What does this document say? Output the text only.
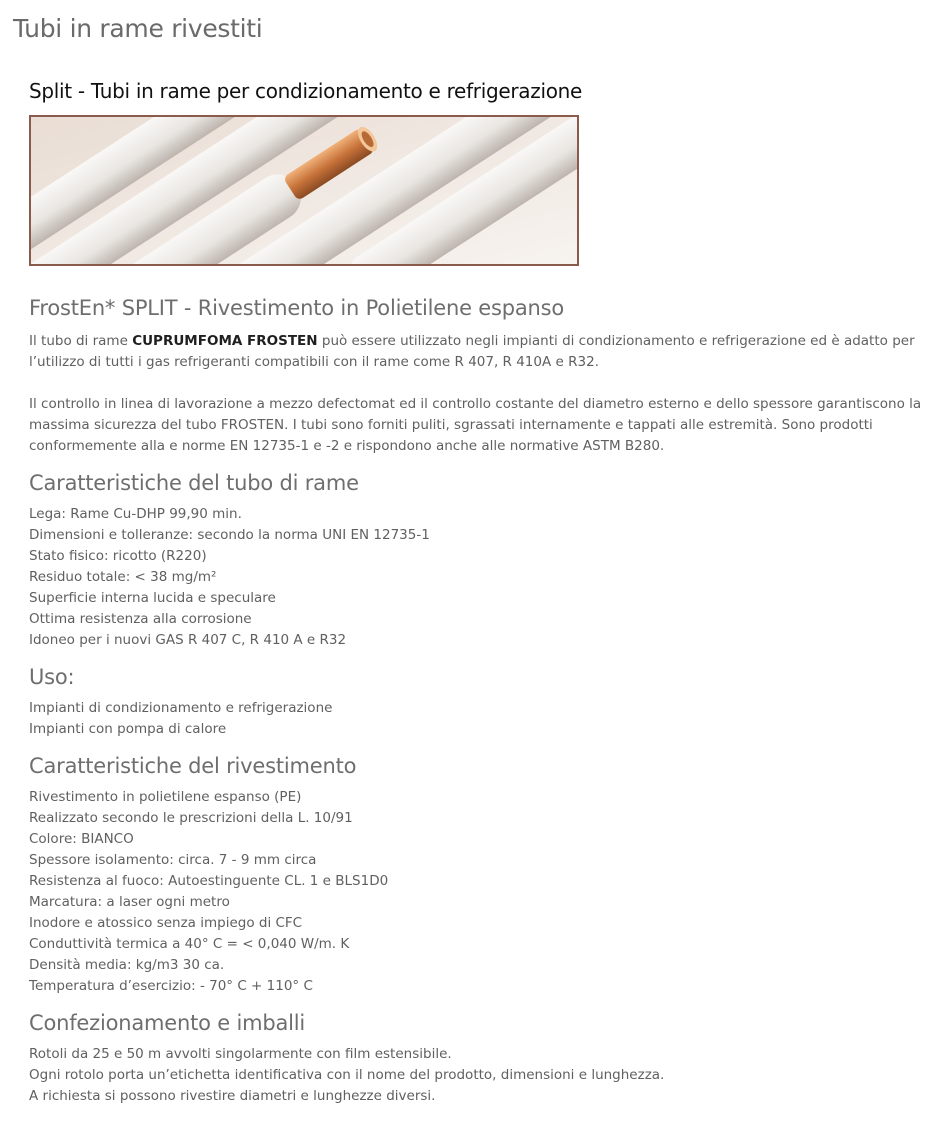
Tubi in rame rivestiti
Split - Tubi in rame per condizionamento e refrigerazione
FrostEn* SPLIT - Rivestimento in Polietilene espanso

Il tubo di rame CUPRUMFOMA FROSTEN può essere utilizzato negli impianti di condizionamento e refrigerazione ed è adatto per l’utilizzo di tutti i gas refrigeranti compatibili con il rame come R 407, R 410A e R32.

Il controllo in linea di lavorazione a mezzo defectomat ed il controllo costante del diametro esterno e dello spessore garantiscono la massima sicurezza del tubo FROSTEN. I tubi sono forniti puliti, sgrassati internamente e tappati alle estremità. Sono prodotti conformemente alla e norme EN 12735-1 e -2 e rispondono anche alle normative ASTM B280.

Caratteristiche del tubo di rame
Lega: Rame Cu-DHP 99,90 min.
Dimensioni e tolleranze: secondo la norma UNI EN 12735-1
Stato fisico: ricotto (R220)
Residuo totale: < 38 mg/m²
Superficie interna lucida e speculare
Ottima resistenza alla corrosione
Idoneo per i nuovi GAS R 407 C, R 410 A e R32
Uso:
Impianti di condizionamento e refrigerazione
Impianti con pompa di calore
Caratteristiche del rivestimento
Rivestimento in polietilene espanso (PE)
Realizzato secondo le prescrizioni della L. 10/91
Colore: BIANCO
Spessore isolamento: circa. 7 - 9 mm circa
Resistenza al fuoco: Autoestinguente CL. 1 e BLS1D0
Marcatura: a laser ogni metro
Inodore e atossico senza impiego di CFC
Conduttività termica a 40° C = < 0,040 W/m. K
Densità media: kg/m3 30 ca.
Temperatura d’esercizio: - 70° C + 110° C
Confezionamento e imballi
Rotoli da 25 e 50 m avvolti singolarmente con film estensibile.
Ogni rotolo porta un’etichetta identificativa con il nome del prodotto, dimensioni e lunghezza.
A richiesta si possono rivestire diametri e lunghezze diversi.
